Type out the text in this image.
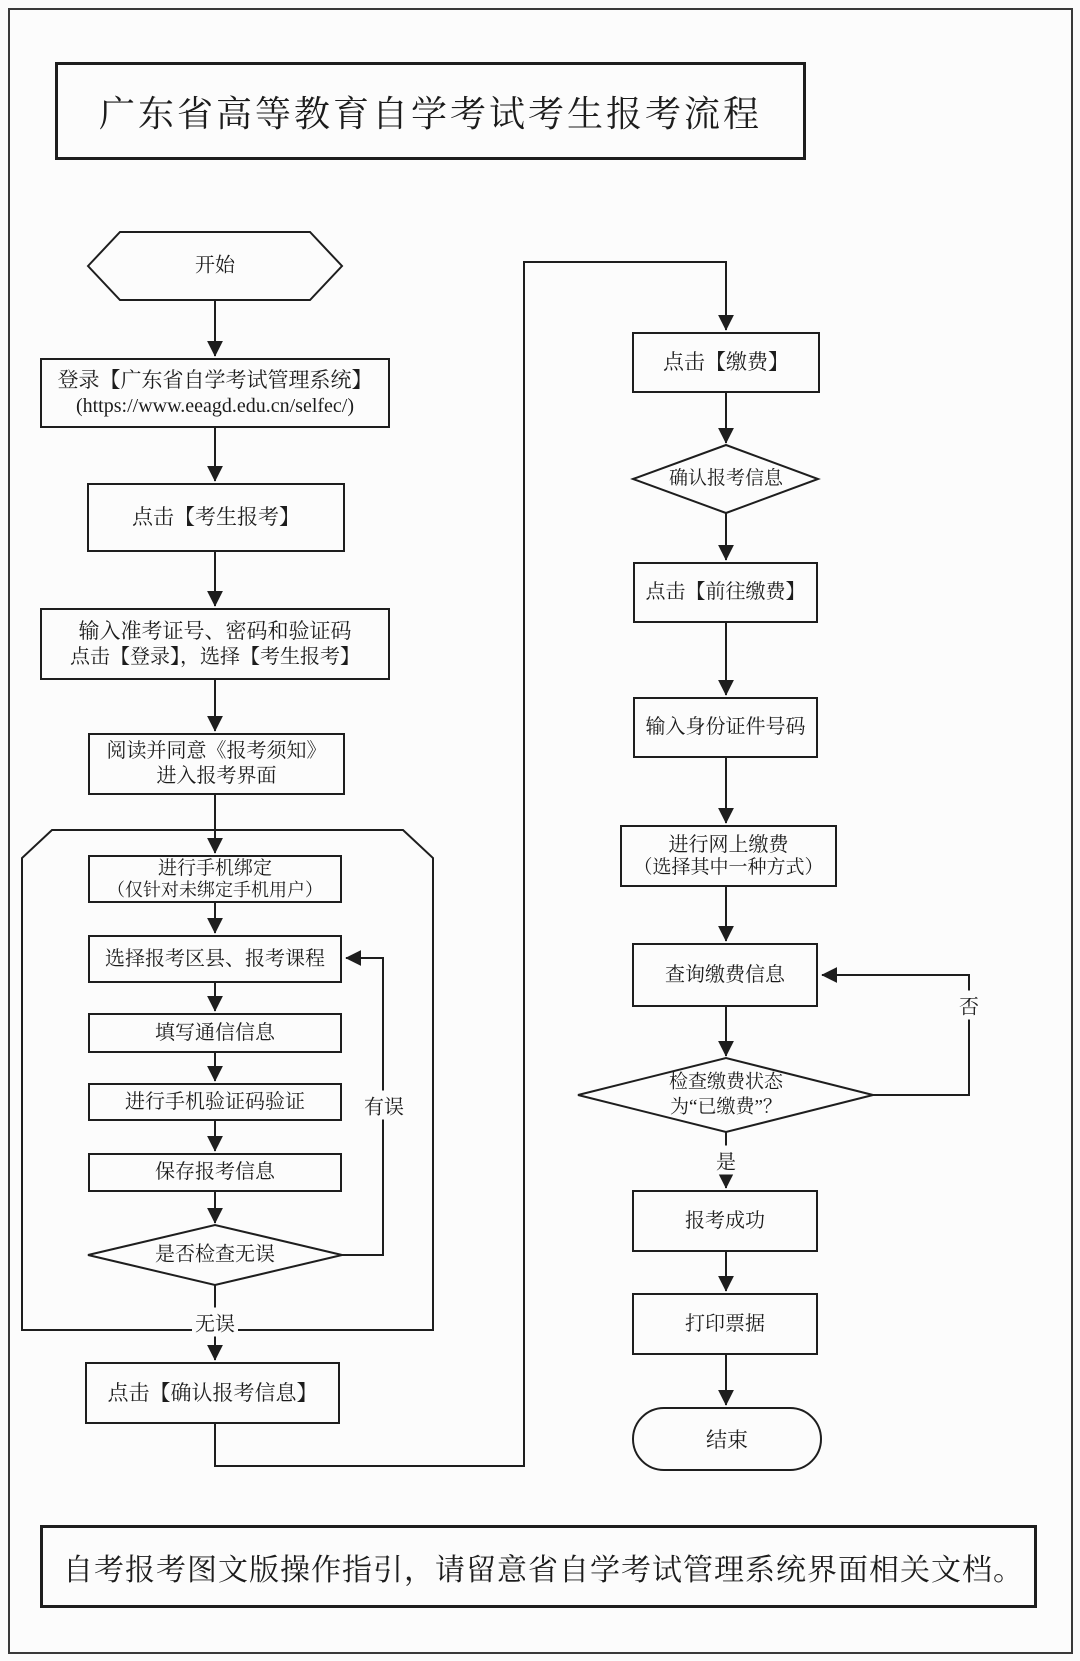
广东省高等教育自学考试考生报考流程
开始
登录【广东省自学考试管理系统】
(https://www.eeagd.edu.cn/selfec/)
点击【考生报考】
输入准考证号、密码和验证码
点击【登录】，选择【考生报考】
阅读并同意《报考须知》
进入报考界面
进行手机绑定
（仅针对未绑定手机用户）
选择报考区县、报考课程
填写通信信息
进行手机验证码验证
保存报考信息
是否检查无误
点击【确认报考信息】
点击【缴费】
确认报考信息
点击【前往缴费】
输入身份证件号码
进行网上缴费
（选择其中一种方式）
查询缴费信息
检查缴费状态
为“已缴费”？
报考成功
打印票据
结束
有误
无误
是
否
自考报考图文版操作指引，请留意省自学考试管理系统界面相关文档。
